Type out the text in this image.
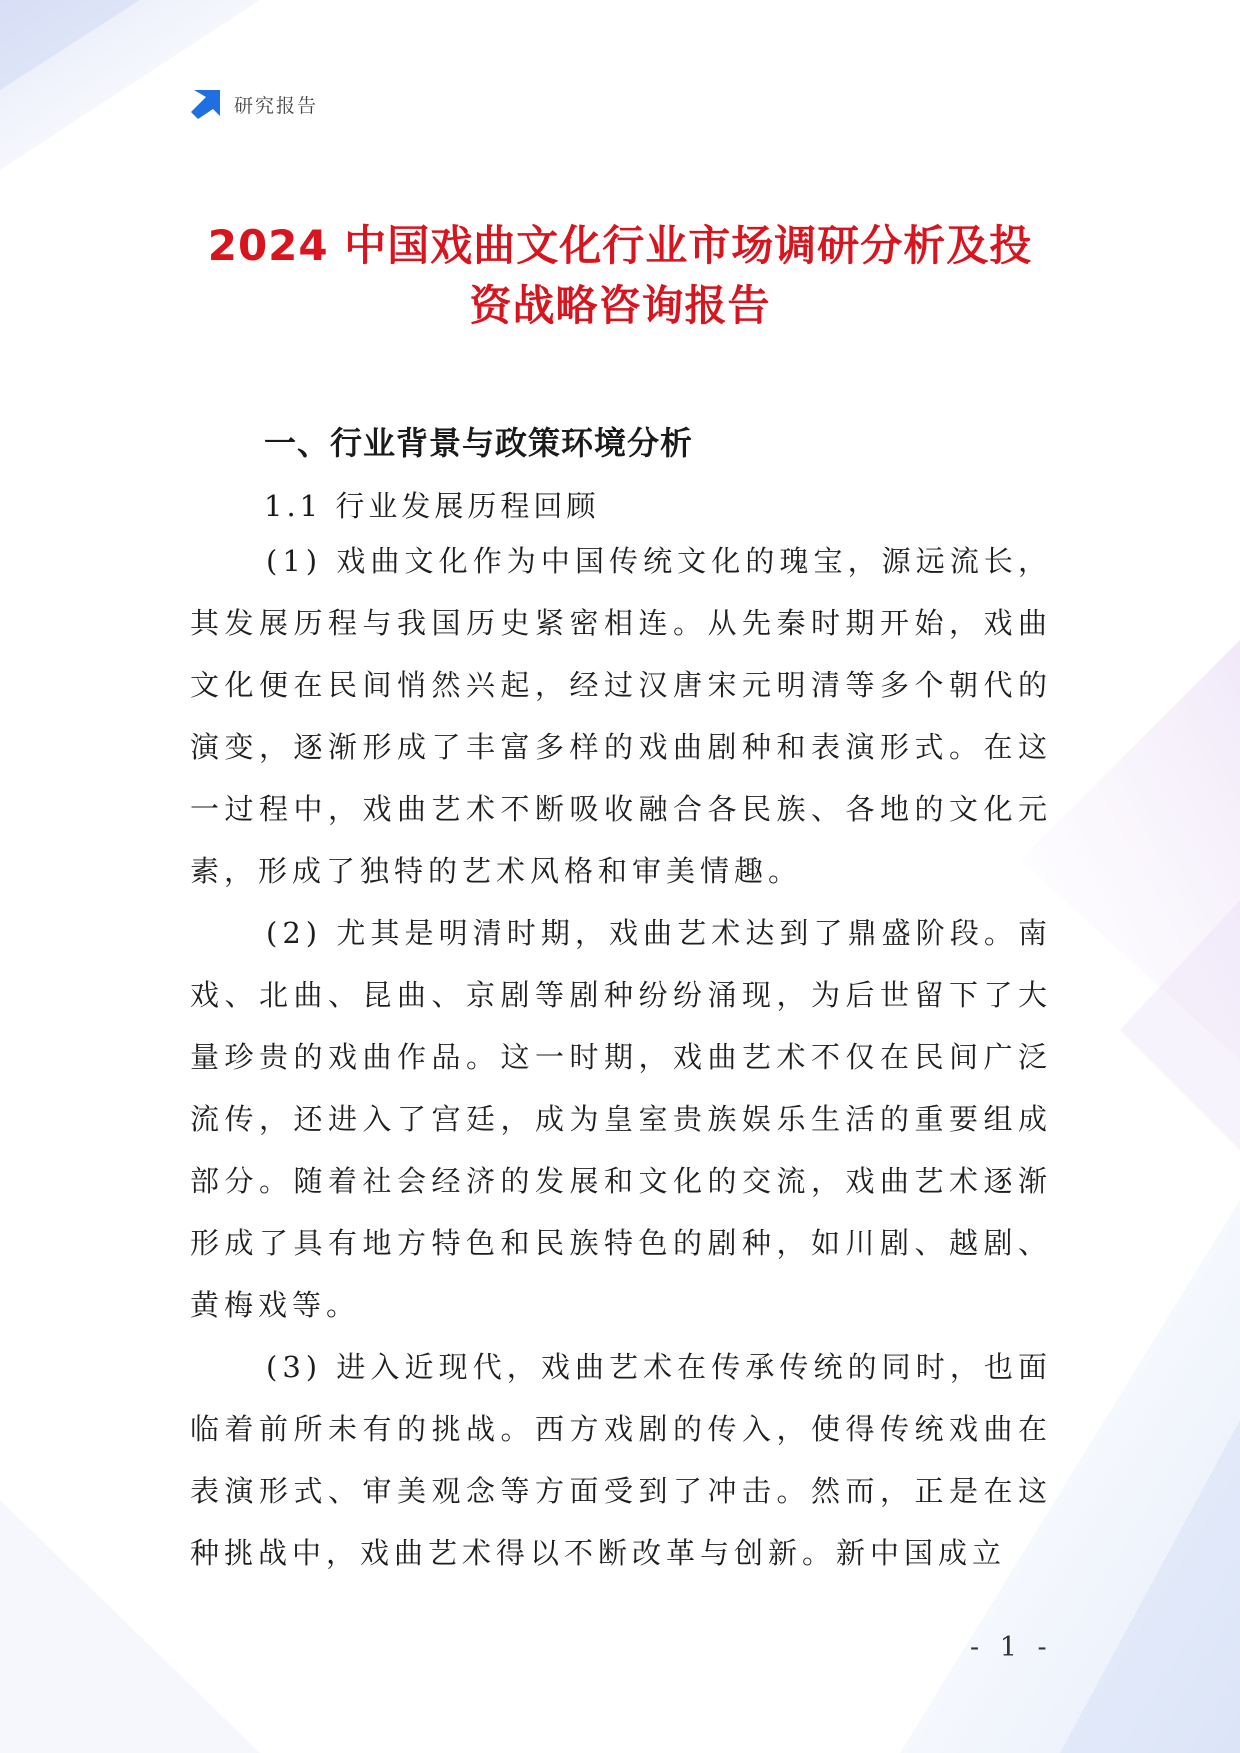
研究报告
2024 中国戏曲文化行业市场调研分析及投
资战略咨询报告
一、行业背景与政策环境分析
1.1 行业发展历程回顾

(1) 戏曲文化作为中国传统文化的瑰宝，源远流长，其发展历程与我国历史紧密相连。从先秦时期开始，戏曲文化便在民间悄然兴起，经过汉唐宋元明清等多个朝代的演变，逐渐形成了丰富多样的戏曲剧种和表演形式。在这一过程中，戏曲艺术不断吸收融合各民族、各地的文化元素，形成了独特的艺术风格和审美情趣。

(2) 尤其是明清时期，戏曲艺术达到了鼎盛阶段。南戏、北曲、昆曲、京剧等剧种纷纷涌现，为后世留下了大量珍贵的戏曲作品。这一时期，戏曲艺术不仅在民间广泛流传，还进入了宫廷，成为皇室贵族娱乐生活的重要组成部分。随着社会经济的发展和文化的交流，戏曲艺术逐渐形成了具有地方特色和民族特色的剧种，如川剧、越剧、黄梅戏等。

(3) 进入近现代，戏曲艺术在传承传统的同时，也面临着前所未有的挑战。西方戏剧的传入，使得传统戏曲在表演形式、审美观念等方面受到了冲击。然而，正是在这种挑战中，戏曲艺术得以不断改革与创新。新中国成立

- 1 -
